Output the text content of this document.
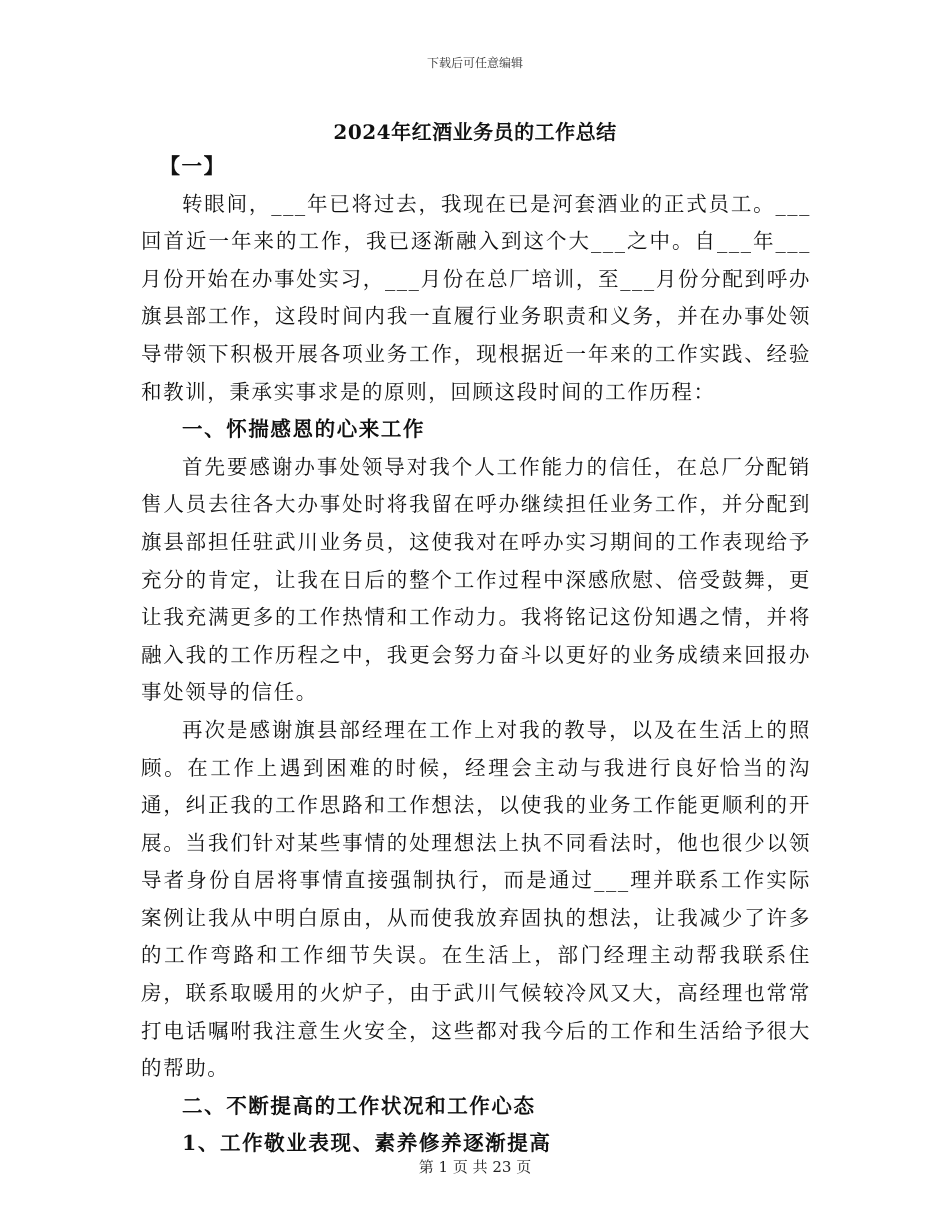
下载后可任意编辑
2024年红酒业务员的工作总结

【一】

转眼间，___年已将过去，我现在已是河套酒业的正式员工。___回首近一年来的工作，我已逐渐融入到这个大___之中。自___年___月份开始在办事处实习，___月份在总厂培训，至___月份分配到呼办旗县部工作，这段时间内我一直履行业务职责和义务，并在办事处领导带领下积极开展各项业务工作，现根据近一年来的工作实践、经验和教训，秉承实事求是的原则，回顾这段时间的工作历程：

一、怀揣感恩的心来工作

首先要感谢办事处领导对我个人工作能力的信任，在总厂分配销售人员去往各大办事处时将我留在呼办继续担任业务工作，并分配到旗县部担任驻武川业务员，这使我对在呼办实习期间的工作表现给予充分的肯定，让我在日后的整个工作过程中深感欣慰、倍受鼓舞，更让我充满更多的工作热情和工作动力。我将铭记这份知遇之情，并将融入我的工作历程之中，我更会努力奋斗以更好的业务成绩来回报办事处领导的信任。

再次是感谢旗县部经理在工作上对我的教导，以及在生活上的照顾。在工作上遇到困难的时候，经理会主动与我进行良好恰当的沟通，纠正我的工作思路和工作想法，以使我的业务工作能更顺利的开展。当我们针对某些事情的处理想法上执不同看法时，他也很少以领导者身份自居将事情直接强制执行，而是通过___理并联系工作实际案例让我从中明白原由，从而使我放弃固执的想法，让我减少了许多的工作弯路和工作细节失误。在生活上，部门经理主动帮我联系住房，联系取暖用的火炉子，由于武川气候较冷风又大，高经理也常常打电话嘱咐我注意生火安全，这些都对我今后的工作和生活给予很大的帮助。

二、不断提高的工作状况和工作心态

1、工作敬业表现、素养修养逐渐提高

第 1 页 共 23 页
